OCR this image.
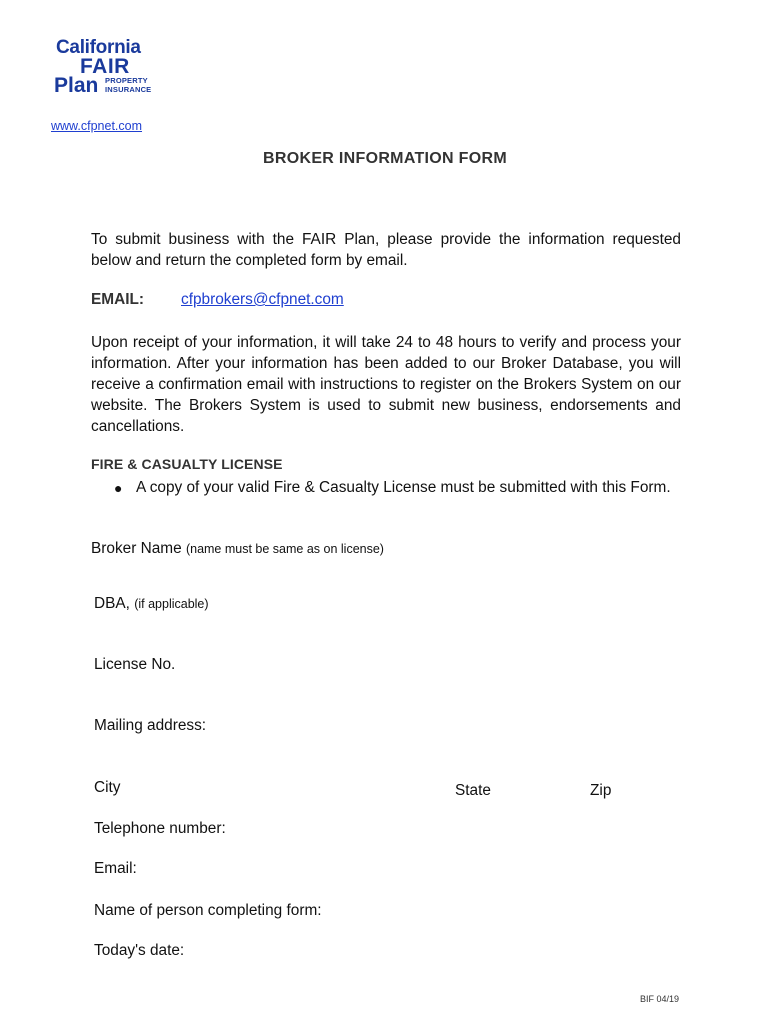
California
FAIR
Plan PROPERTY
INSURANCE
www.cfpnet.com
BROKER INFORMATION FORM
To submit business with the FAIR Plan, please provide the information requested below and return the completed form by email.
EMAIL: cfpbrokers@cfpnet.com
Upon receipt of your information, it will take 24 to 48 hours to verify and process your information. After your information has been added to our Broker Database, you will receive a confirmation email with instructions to register on the Brokers System on our website. The Brokers System is used to submit new business, endorsements and cancellations.
FIRE & CASUALTY LICENSE
● A copy of your valid Fire & Casualty License must be submitted with this Form.
Broker Name (name must be same as on license)
DBA, (if applicable)
License No.
Mailing address:
City	State	Zip
Telephone number:
Email:
Name of person completing form:
Today's date:
BIF 04/19
